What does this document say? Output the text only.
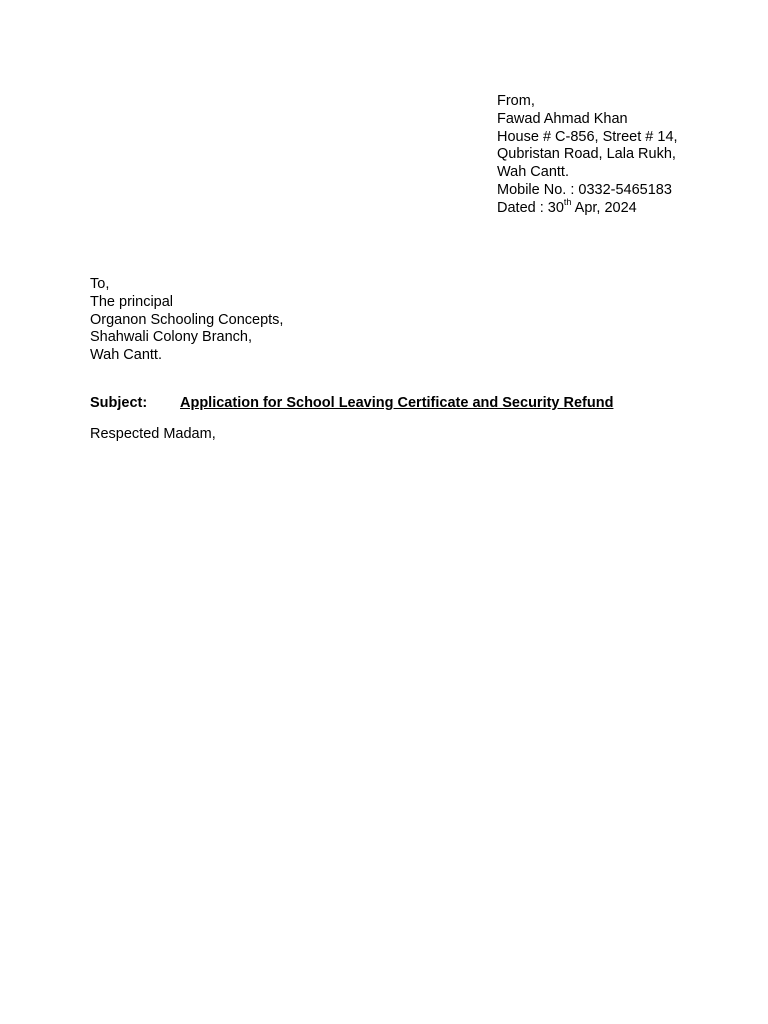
From,
Fawad Ahmad Khan
House # C-856, Street # 14,
Qubristan Road, Lala Rukh,
Wah Cantt.
Mobile No. : 0332-5465183
Dated : 30th Apr, 2024
To,
The principal
Organon Schooling Concepts,
Shahwali Colony Branch,
Wah Cantt.
Subject: Application for School Leaving Certificate and Security Refund
Respected Madam,
